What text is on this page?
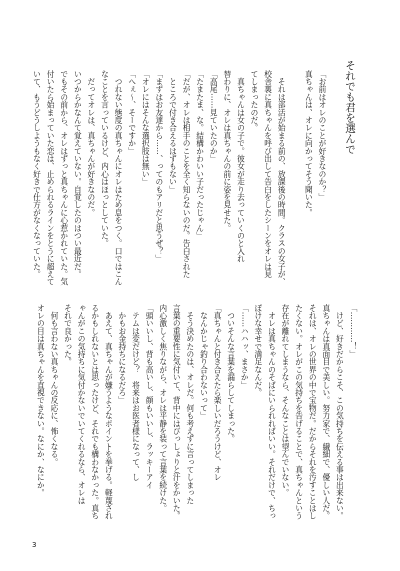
それでも君を選んで
「お前はオレのことが好きなのか？」
真ちゃんは、オレに向かってそう聞いた。
　それは部活が始まる前の、放課後の時間。クラスの女子が、
校舎裏に真ちゃんを呼び出して告白をしたシーンをオレは見
てしまったのだ。
　真ちゃんは女の子で。彼女が走り去っていくのと入れ
替わりに、オレは真ちゃんの前に姿を見せた。
「高尾……見ていたのか」
「たまたま、な。結構かわいい子だったじゃん」
「だが、オレは相手のことを全く知らないのだ。告白された
　ところで付き合えるはずもない」
「まずはお友達から……、ってのもアリだと思うぜ？」
「オレにはそんな選択肢は無い」
「へぇ～、そーですか」
　つれない態度の真ちゃんにオレはため息をつく。口ではこん
なことを言っているけど、内心はほっとしていた。
　だってオレは、真ちゃんが好きなのだ。
いつからかなんて覚えていない。自覚したのはつい最近だ。
でもその前から、オレはずっと真ちゃんに心惹かれていた。気
付いたら始まっていた恋は、止められるラインをとうに超えて
いて、もうどうしようもなく好きで仕方がなくなっていた。
「…………！」
　けど、好きだからこそ、この気持ちを伝える事は出来ない。
真ちゃんは真面目で美しい。努力家で、繊細で、優しい人だ。
それは、オレの世界の中で宝物だ。だからそれを汚すことはし
たくない。オレがこの気持ちを告げることで、真ちゃんという
存在が離れてしまうなら、そんなことは望んでいない。
　オレは真ちゃんのそばにいられればいい。それだけで、ちっ
ぽけな幸せで満足なんだ。
「……ハハッ、まさか」
　ついそんな言葉を漏らしてしまった。
「真ちゃんと付き合えたら楽しいだろうけど、オレ
　なんかじゃ釣り合わないって」
　そう決めたのは、オレだ。何も考えずに言ってしまった
言葉の重要性に気付いて、背中にはびっしょりと汗をかいた。
内心激しく焦りながら、オレは平静を装って言葉を続けた。
「頭いいし、背も高いし、顔もいいし、ラッキーアイ
　テムは変だけど？　将来はお医者様になって、し
　かもお金持ちになるだろ」
　あえて、真ちゃんが嫌うようなポイントを挙げる。軽蔑され
るかもしれないとは思ったけど、それでも構わなかった。真ち
ゃんがこの気持ちに気付かないでいてくれるなら、オレは
それで良かった。
　何も言わない真ちゃんの反応に、怖くなる。
オレの目は真ちゃんを直視できない。なにか、なにか。
3
